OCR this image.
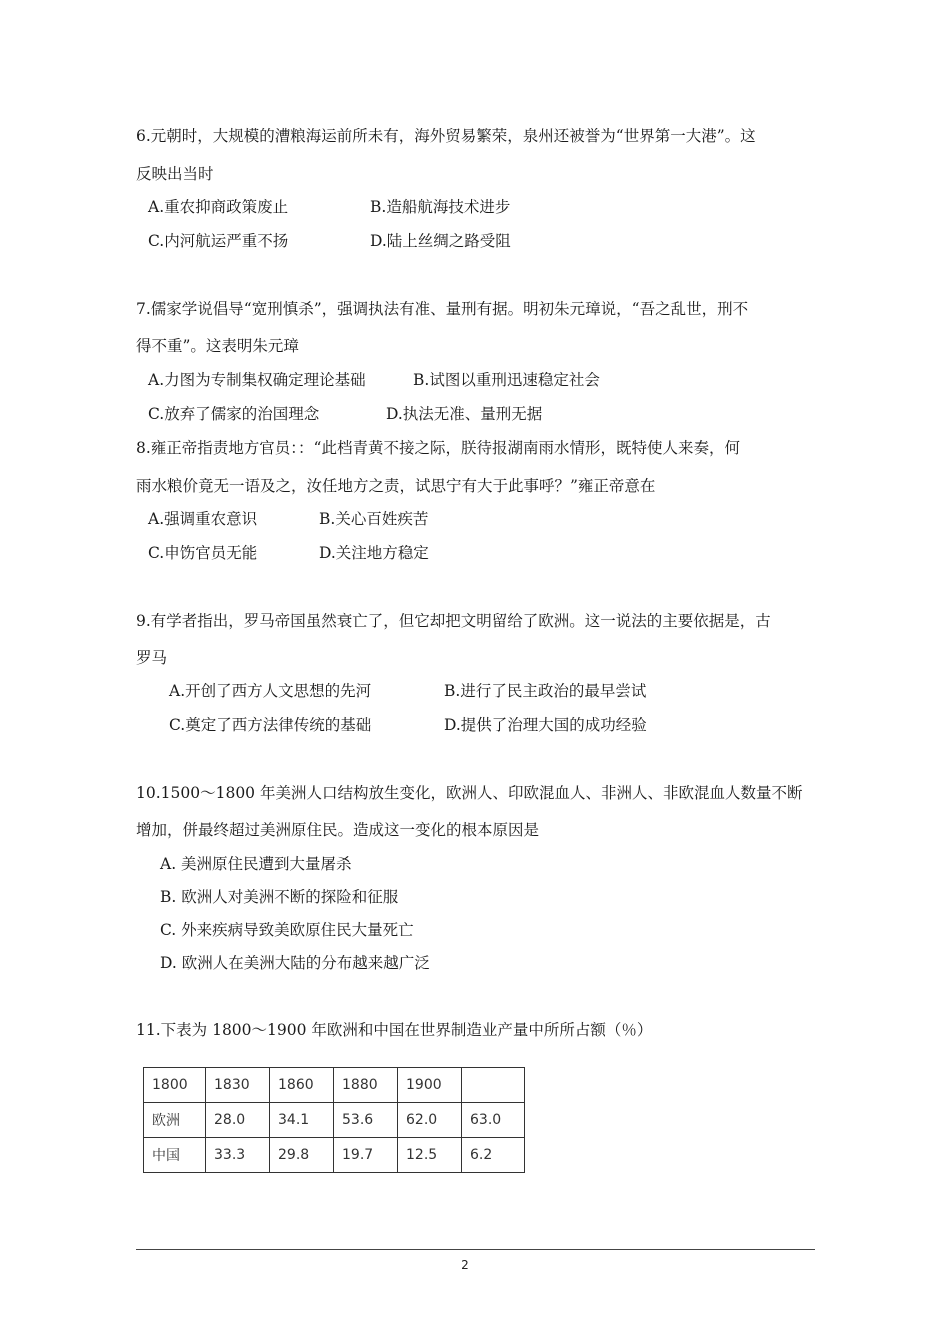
6.元朝时，大规模的漕粮海运前所未有，海外贸易繁荣，泉州还被誉为“世界第一大港”。这
反映出当时
A.重农抑商政策废止	B.造船航海技术进步
C.内河航运严重不扬	D.陆上丝绸之路受阻
7.儒家学说倡导“宽刑慎杀”，强调执法有准、量刑有据。明初朱元璋说，“吾之乱世，刑不
得不重”。这表明朱元璋
A.力图为专制集权确定理论基础	B.试图以重刑迅速稳定社会
C.放弃了儒家的治国理念	D.执法无准、量刑无据
8.雍正帝指责地方官员：：“此档青黄不接之际，朕待报湖南雨水情形，既特使人来奏，何
雨水粮价竟无一语及之，汝任地方之责，试思宁有大于此事呼？”雍正帝意在
A.强调重农意识	B.关心百姓疾苦
C.申饬官员无能	D.关注地方稳定
9.有学者指出，罗马帝国虽然衰亡了，但它却把文明留给了欧洲。这一说法的主要依据是，古
罗马
A.开创了西方人文思想的先河	B.进行了民主政治的最早尝试
C.奠定了西方法律传统的基础	D.提供了治理大国的成功经验
10.1500～1800 年美洲人口结构放生变化，欧洲人、印欧混血人、非洲人、非欧混血人数量不断
增加，併最终超过美洲原住民。造成这一变化的根本原因是
A. 美洲原住民遭到大量屠杀
B. 欧洲人对美洲不断的探险和征服
C. 外来疾病导致美欧原住民大量死亡
D. 欧洲人在美洲大陆的分布越来越广泛
11.下表为 1800～1900 年欧洲和中国在世界制造业产量中所所占额（％）
1800	1830	1860	1880	1900	
欧洲	28.0	34.1	53.6	62.0	63.0
中国	33.3	29.8	19.7	12.5	6.2
2
